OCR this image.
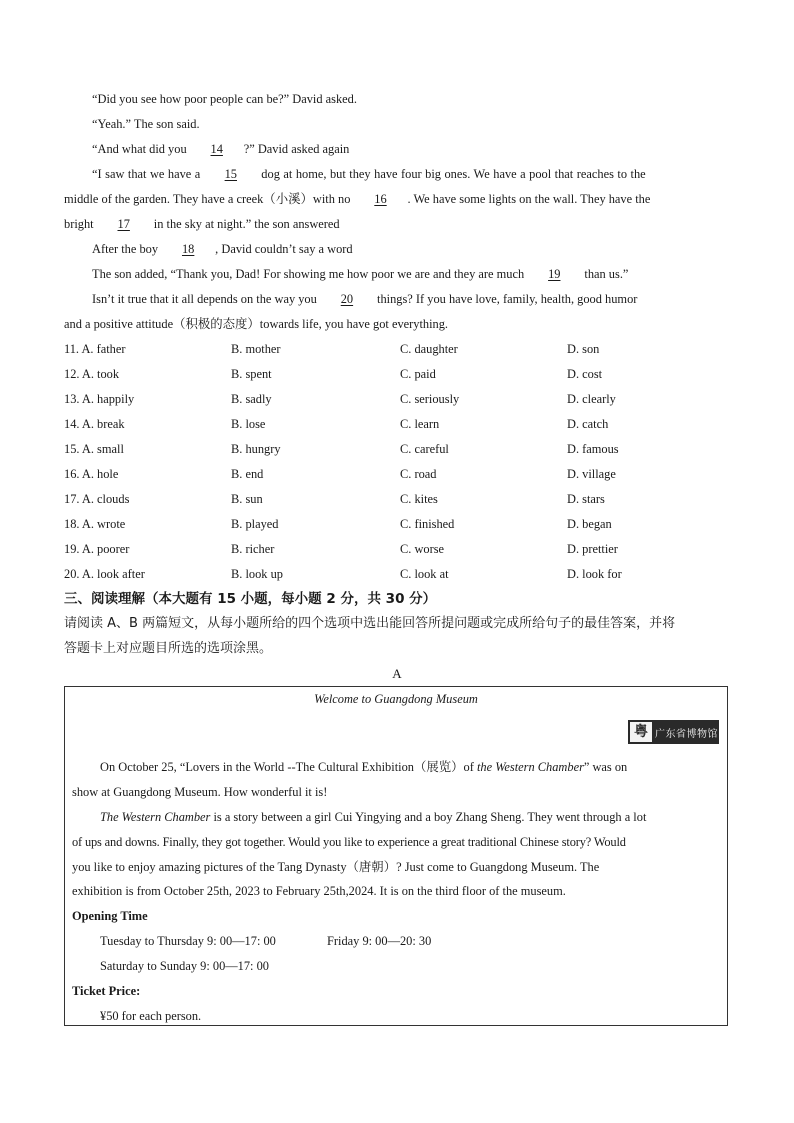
“Did you see how poor people can be?” David asked.
“Yeah.” The son said.
“And what did you 14 ?” David asked again
“I saw that we have a 15 dog at home, but they have four big ones. We have a pool that reaches to the
middle of the garden. They have a creek（小溪）with no 16 . We have some lights on the wall. They have the
bright 17 in the sky at night.” the son answered
After the boy 18 , David couldn’t say a word
The son added, “Thank you, Dad! For showing me how poor we are and they are much 19 than us.”
Isn’t it true that it all depends on the way you 20 things? If you have love, family, health, good humor
and a positive attitude（积极的态度）towards life, you have got everything.
11. A. father	B. mother	C. daughter	D. son
12. A. took	B. spent	C. paid	D. cost
13. A. happily	B. sadly	C. seriously	D. clearly
14. A. break	B. lose	C. learn	D. catch
15. A. small	B. hungry	C. careful	D. famous
16. A. hole	B. end	C. road	D. village
17. A. clouds	B. sun	C. kites	D. stars
18. A. wrote	B. played	C. finished	D. began
19. A. poorer	B. richer	C. worse	D. prettier
20. A. look after	B. look up	C. look at	D. look for
三、阅读理解（本大题有 15 小题，每小题 2 分，共 30 分）
请阅读 A、B 两篇短文，从每小题所给的四个选项中选出能回答所提问题或完成所给句子的最佳答案，并将
答题卡上对应题目所选的选项涂黑。
A
Welcome to Guangdong Museum
粤 广东省博物馆
On October 25, “Lovers in the World --The Cultural Exhibition（展览）of the Western Chamber” was on
show at Guangdong Museum. How wonderful it is!
The Western Chamber is a story between a girl Cui Yingying and a boy Zhang Sheng. They went through a lot
of ups and downs. Finally, they got together. Would you like to experience a great traditional Chinese story? Would
you like to enjoy amazing pictures of the Tang Dynasty（唐朝）? Just come to Guangdong Museum. The
exhibition is from October 25th, 2023 to February 25th,2024. It is on the third floor of the museum.
Opening Time
Tuesday to Thursday 9: 00—17: 00	Friday 9: 00—20: 30
Saturday to Sunday 9: 00—17: 00
Ticket Price:
¥50 for each person.
